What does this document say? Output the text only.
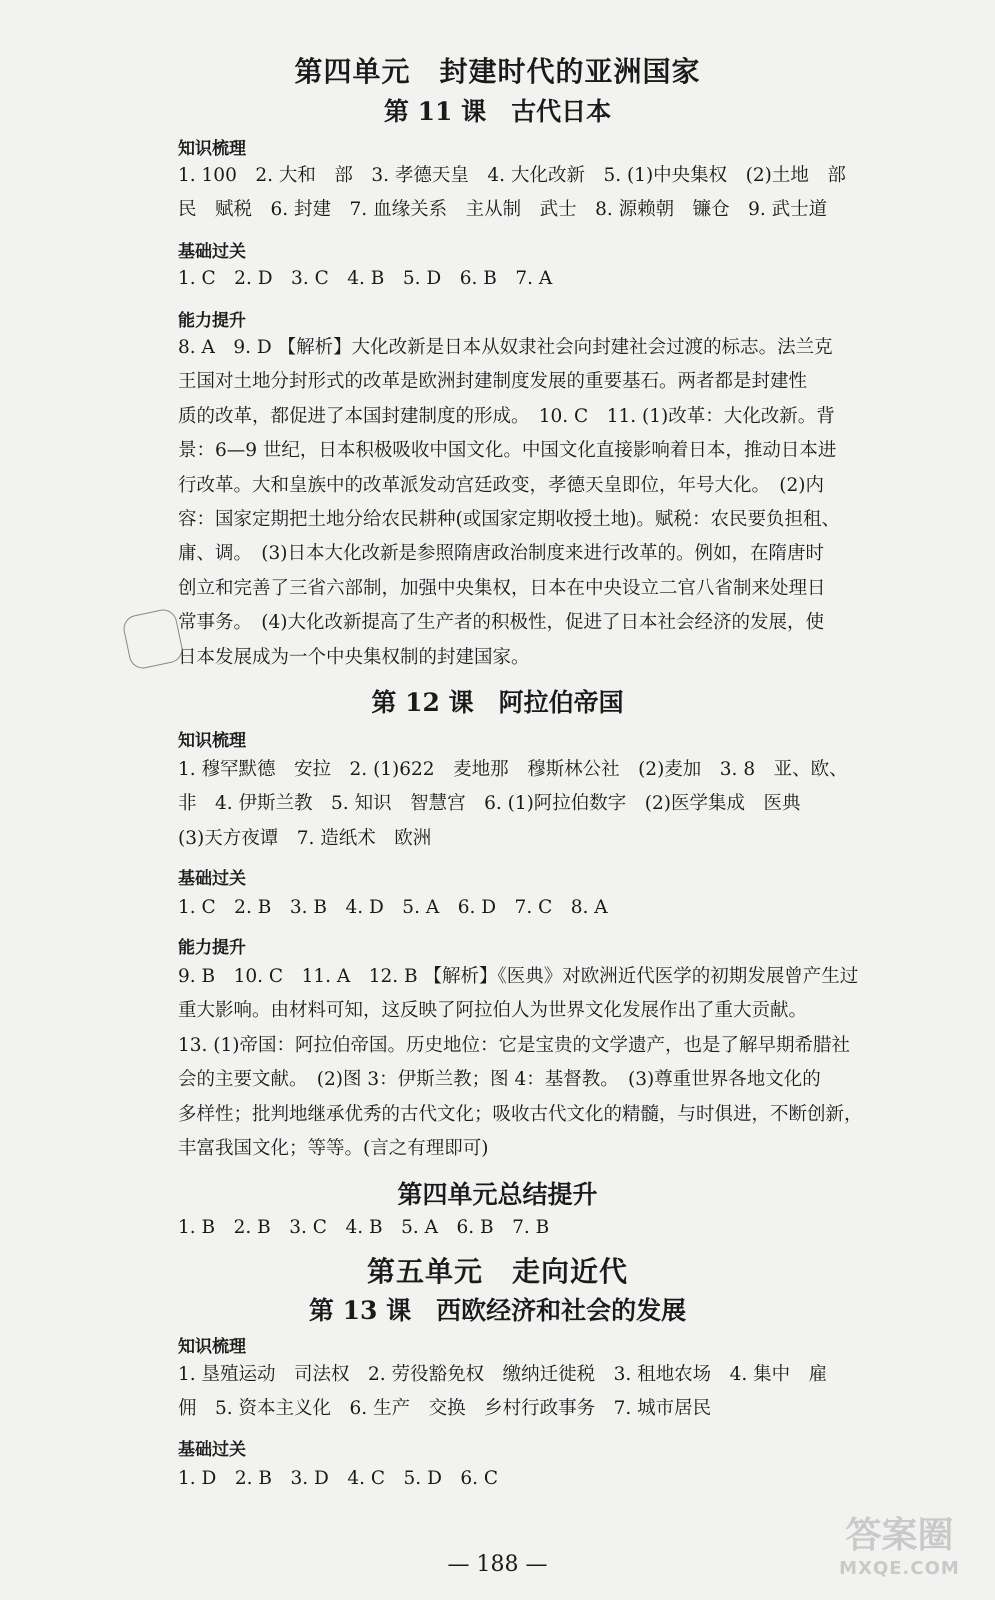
第四单元　封建时代的亚洲国家
第 11 课　古代日本
知识梳理
1. 100　2. 大和　部　3. 孝德天皇　4. 大化改新　5. (1)中央集权　(2)土地　部
民　赋税　6. 封建　7. 血缘关系　主从制　武士　8. 源赖朝　镰仓　9. 武士道
基础过关
1. C　2. D　3. C　4. B　5. D　6. B　7. A
能力提升
8. A　9. D 【解析】大化改新是日本从奴隶社会向封建社会过渡的标志。法兰克
王国对土地分封形式的改革是欧洲封建制度发展的重要基石。两者都是封建性
质的改革，都促进了本国封建制度的形成。　10. C　11. (1)改革：大化改新。背
景：6—9 世纪，日本积极吸收中国文化。中国文化直接影响着日本，推动日本进
行改革。大和皇族中的改革派发动宫廷政变，孝德天皇即位，年号大化。　(2)内
容：国家定期把土地分给农民耕种(或国家定期收授土地)。赋税：农民要负担租、
庸、调。　(3)日本大化改新是参照隋唐政治制度来进行改革的。例如，在隋唐时
创立和完善了三省六部制，加强中央集权，日本在中央设立二官八省制来处理日
常事务。　(4)大化改新提高了生产者的积极性，促进了日本社会经济的发展，使
日本发展成为一个中央集权制的封建国家。
第 12 课　阿拉伯帝国
知识梳理
1. 穆罕默德　安拉　2. (1)622　麦地那　穆斯林公社　(2)麦加　3. 8　亚、欧、
非　4. 伊斯兰教　5. 知识　智慧宫　6. (1)阿拉伯数字　(2)医学集成　医典
(3)天方夜谭　7. 造纸术　欧洲
基础过关
1. C　2. B　3. B　4. D　5. A　6. D　7. C　8. A
能力提升
9. B　10. C　11. A　12. B 【解析】《医典》对欧洲近代医学的初期发展曾产生过
重大影响。由材料可知，这反映了阿拉伯人为世界文化发展作出了重大贡献。
13. (1)帝国：阿拉伯帝国。历史地位：它是宝贵的文学遗产，也是了解早期希腊社
会的主要文献。　(2)图 3：伊斯兰教；图 4：基督教。　(3)尊重世界各地文化的
多样性；批判地继承优秀的古代文化；吸收古代文化的精髓，与时俱进，不断创新，
丰富我国文化；等等。(言之有理即可)
第四单元总结提升
1. B　2. B　3. C　4. B　5. A　6. B　7. B
第五单元　走向近代
第 13 课　西欧经济和社会的发展
知识梳理
1. 垦殖运动　司法权　2. 劳役豁免权　缴纳迁徙税　3. 租地农场　4. 集中　雇
佣　5. 资本主义化　6. 生产　交换　乡村行政事务　7. 城市居民
基础过关
1. D　2. B　3. D　4. C　5. D　6. C
— 188 —
答案圈
MXQE.COM
